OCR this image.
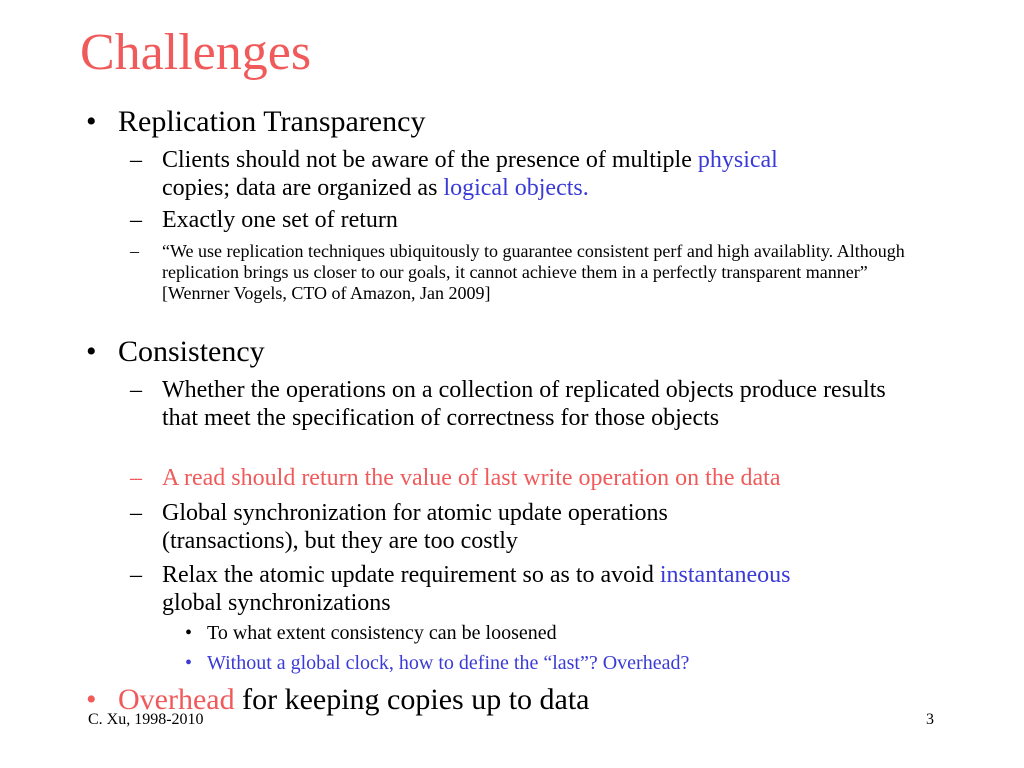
Challenges
• Replication Transparency
– Clients should not be aware of the presence of multiple physical
copies; data are organized as logical objects.
– Exactly one set of return
– “We use replication techniques ubiquitously to guarantee consistent perf and high availablity. Although replication brings us closer to our goals, it cannot achieve them in a perfectly transparent manner” [Wenrner Vogels, CTO of Amazon, Jan 2009]
• Consistency
– Whether the operations on a collection of replicated objects produce results that meet the specification of correctness for those objects
– A read should return the value of last write operation on the data
– Global synchronization for atomic update operations (transactions), but they are too costly
– Relax the atomic update requirement so as to avoid instantaneous
global synchronizations
• To what extent consistency can be loosened
• Without a global clock, how to define the “last”? Overhead?
• Overhead for keeping copies up to data
C. Xu, 1998-2010	3
